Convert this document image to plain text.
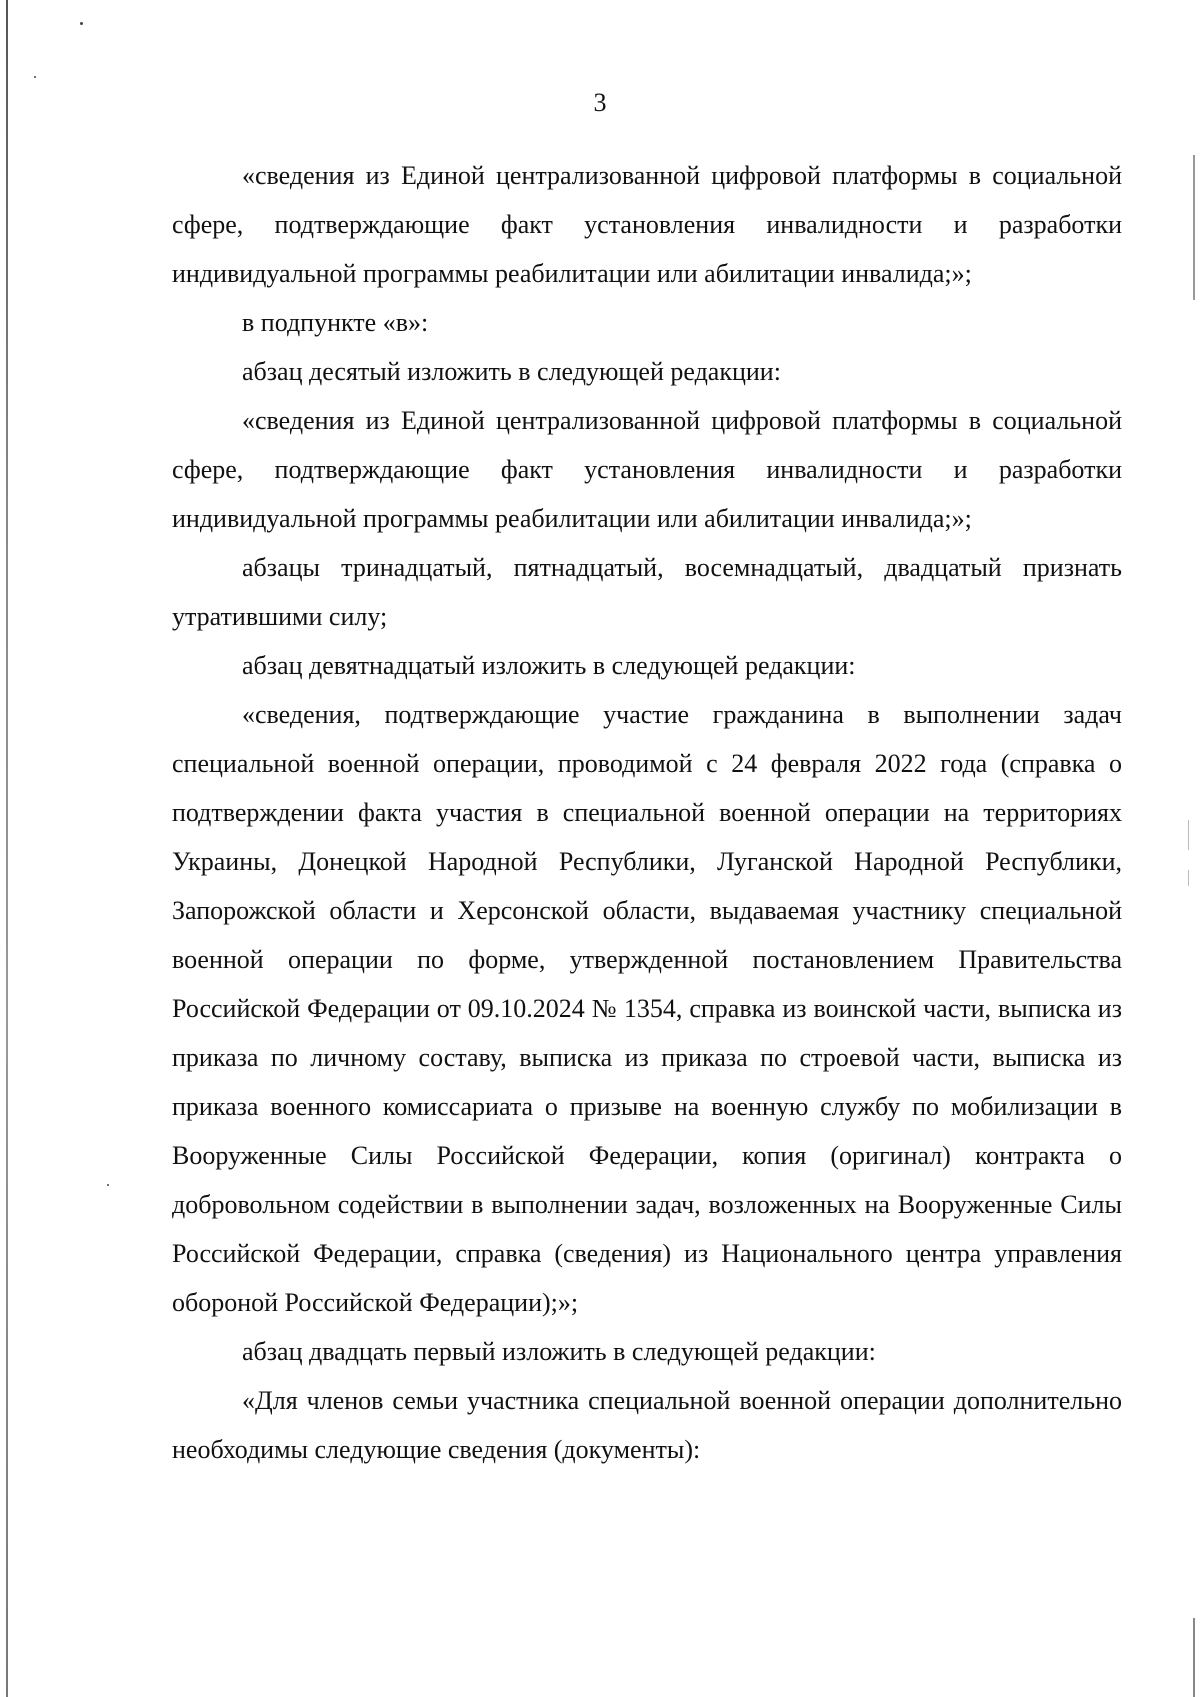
3

«сведения из Единой централизованной цифровой платформы в социальной сфере, подтверждающие факт установления инвалидности и разработки индивидуальной программы реабилитации или абилитации инвалида;»;

в подпункте «в»:

абзац десятый изложить в следующей редакции:

«сведения из Единой централизованной цифровой платформы в социальной сфере, подтверждающие факт установления инвалидности и разработки индивидуальной программы реабилитации или абилитации инвалида;»;

абзацы тринадцатый, пятнадцатый, восемнадцатый, двадцатый признать утратившими силу;

абзац девятнадцатый изложить в следующей редакции:

«сведения, подтверждающие участие гражданина в выполнении задач специальной военной операции, проводимой с 24 февраля 2022 года (справка о подтверждении факта участия в специальной военной операции на территориях Украины, Донецкой Народной Республики, Луганской Народной Республики, Запорожской области и Херсонской области, выдаваемая участнику специальной военной операции по форме, утвержденной постановлением Правительства Российской Федерации от 09.10.2024 № 1354, справка из воинской части, выписка из приказа по личному составу, выписка из приказа по строевой части, выписка из приказа военного комиссариата о призыве на военную службу по мобилизации в Вооруженные Силы Российской Федерации, копия (оригинал) контракта о добровольном содействии в выполнении задач, возложенных на Вооруженные Силы Российской Федерации, справка (сведения) из Национального центра управления обороной Российской Федерации);»;

абзац двадцать первый изложить в следующей редакции:

«Для членов семьи участника специальной военной операции дополнительно необходимы следующие сведения (документы):
